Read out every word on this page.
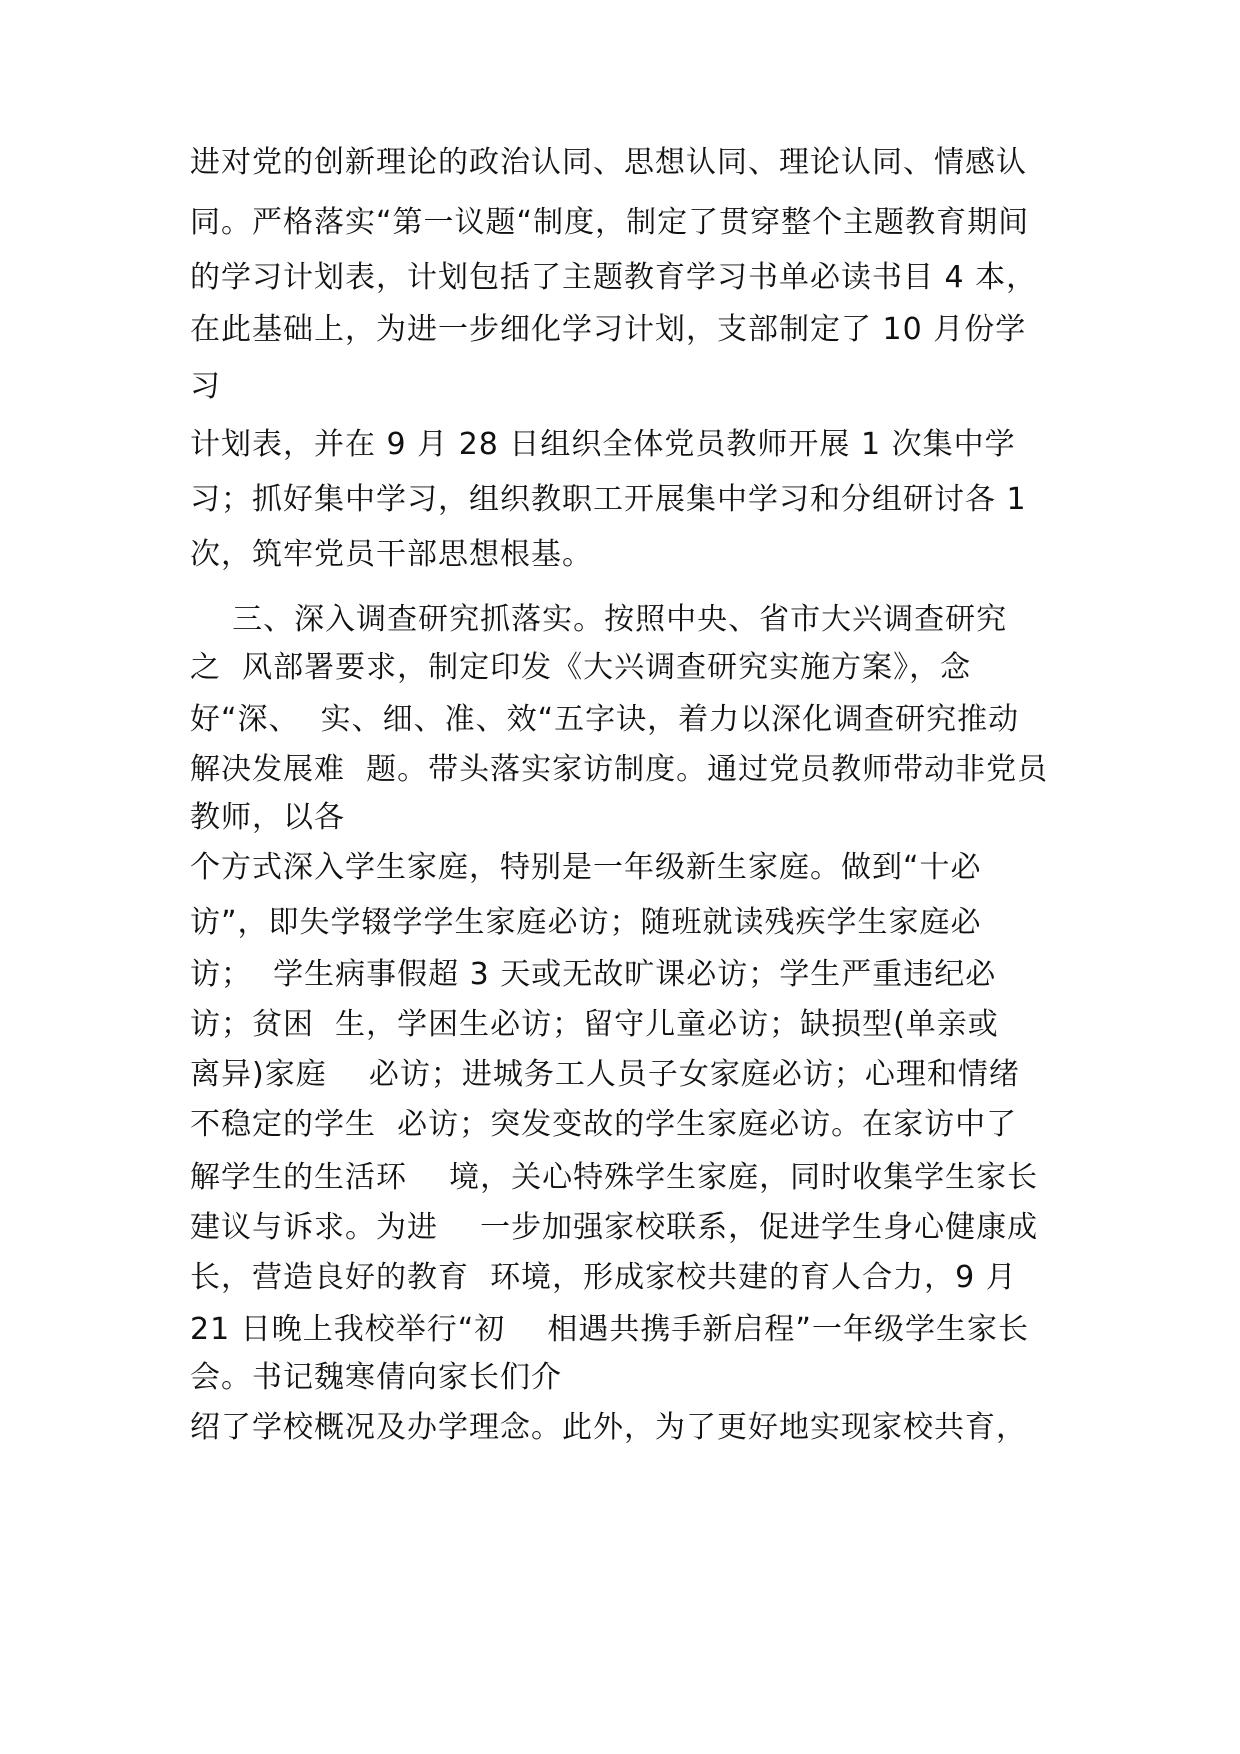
进对党的创新理论的政治认同、思想认同、理论认同、情感认
同。严格落实“第一议题“制度，制定了贯穿整个主题教育期间
的学习计划表，计划包括了主题教育学习书单必读书目 4 本，
在此基础上，为进一步细化学习计划，支部制定了 10 月份学
习
计划表，并在 9 月 28 日组织全体党员教师开展 1 次集中学
习；抓好集中学习，组织教职工开展集中学习和分组研讨各 1
次，筑牢党员干部思想根基。
三、深入调查研究抓落实。按照中央、省市大兴调查研究
之  风部署要求，制定印发《大兴调查研究实施方案》，念
好“深、  实、细、准、效“五字诀，着力以深化调查研究推动
解决发展难  题。带头落实家访制度。通过党员教师带动非党员
教师，以各
个方式深入学生家庭，特别是一年级新生家庭。做到“十必
访”，即失学辍学学生家庭必访；随班就读残疾学生家庭必
访；  学生病事假超 3 天或无故旷课必访；学生严重违纪必
访；贫困  生，学困生必访；留守儿童必访；缺损型(单亲或
离异)家庭    必访；进城务工人员子女家庭必访；心理和情绪
不稳定的学生  必访；突发变故的学生家庭必访。在家访中了
解学生的生活环    境，关心特殊学生家庭，同时收集学生家长
建议与诉求。为进    一步加强家校联系，促进学生身心健康成
长，营造良好的教育  环境，形成家校共建的育人合力，9 月
21 日晚上我校举行“初    相遇共携手新启程”一年级学生家长
会。书记魏寒倩向家长们介
绍了学校概况及办学理念。此外，为了更好地实现家校共育，
